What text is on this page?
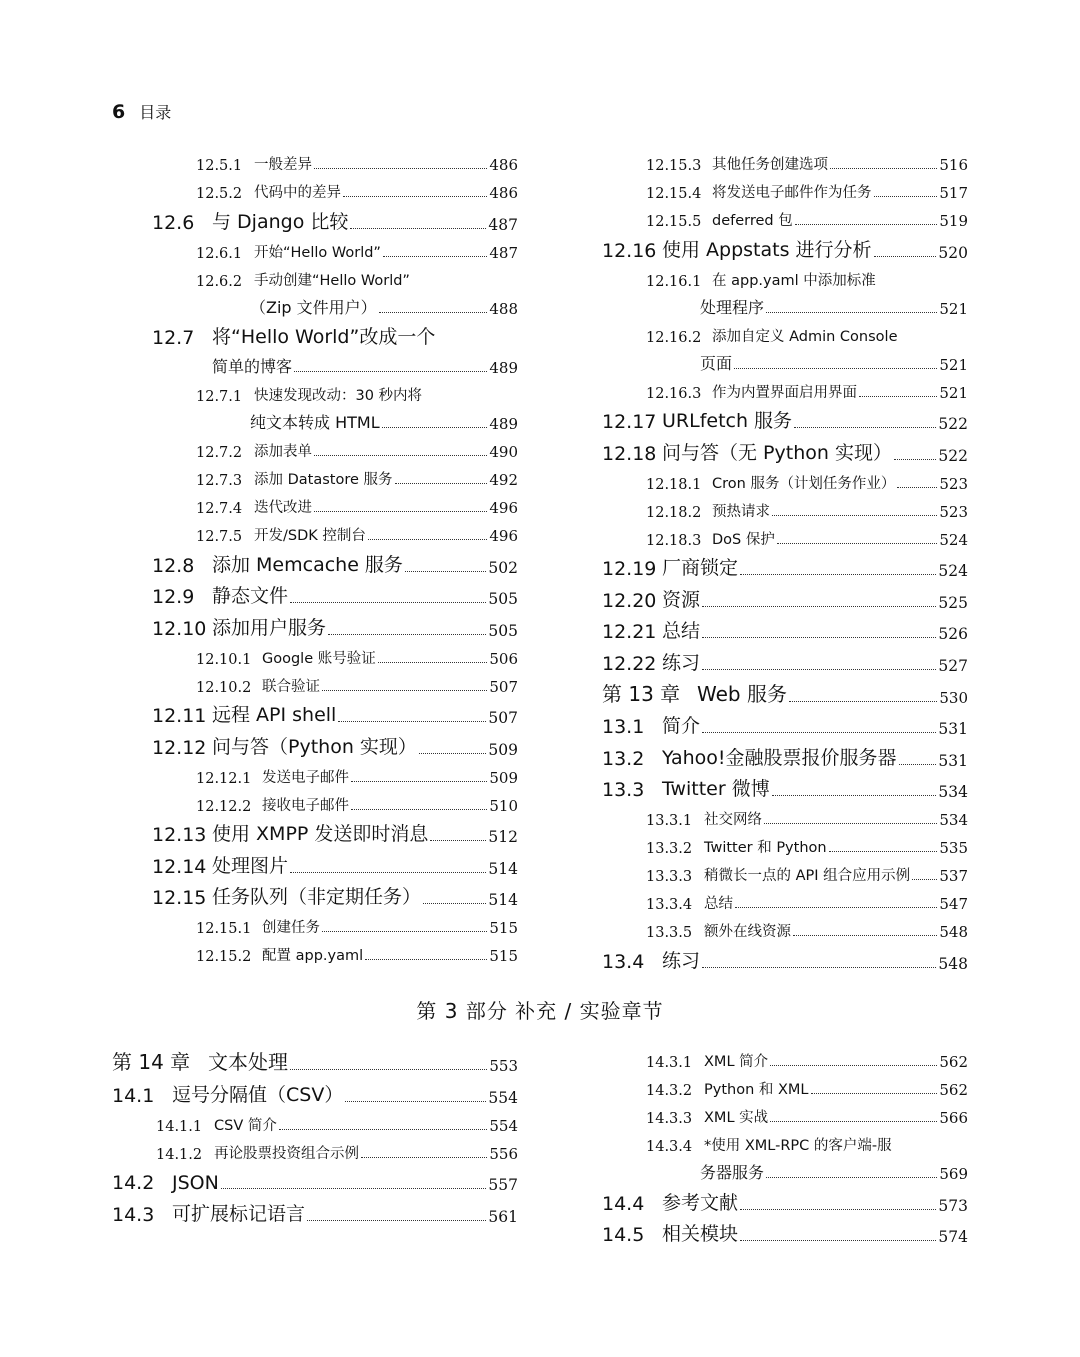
6 目录
12.5.1 一般差异	486
12.5.2 代码中的差异	486
12.6 与 Django 比较	487
12.6.1 开始“Hello World”	487
12.6.2 手动创建“Hello World”
（Zip 文件用户）	488
12.7 将“Hello World”改成一个
简单的博客	489
12.7.1 快速发现改动：30 秒内将
纯文本转成 HTML	489
12.7.2 添加表单	490
12.7.3 添加 Datastore 服务	492
12.7.4 迭代改进	496
12.7.5 开发/SDK 控制台	496
12.8 添加 Memcache 服务	502
12.9 静态文件	505
12.10 添加用户服务	505
12.10.1 Google 账号验证	506
12.10.2 联合验证	507
12.11 远程 API shell	507
12.12 问与答（Python 实现）	509
12.12.1 发送电子邮件	509
12.12.2 接收电子邮件	510
12.13 使用 XMPP 发送即时消息	512
12.14 处理图片	514
12.15 任务队列（非定期任务）	514
12.15.1 创建任务	515
12.15.2 配置 app.yaml	515
12.15.3 其他任务创建选项	516
12.15.4 将发送电子邮件作为任务	517
12.15.5 deferred 包	519
12.16 使用 Appstats 进行分析	520
12.16.1 在 app.yaml 中添加标准
处理程序	521
12.16.2 添加自定义 Admin Console
页面	521
12.16.3 作为内置界面启用界面	521
12.17 URLfetch 服务	522
12.18 问与答（无 Python 实现）	522
12.18.1 Cron 服务（计划任务作业）	523
12.18.2 预热请求	523
12.18.3 DoS 保护	524
12.19 厂商锁定	524
12.20 资源	525
12.21 总结	526
12.22 练习	527
第 13 章 Web 服务	530
13.1 简介	531
13.2 Yahoo!金融股票报价服务器	531
13.3 Twitter 微博	534
13.3.1 社交网络	534
13.3.2 Twitter 和 Python	535
13.3.3 稍微长一点的 API 组合应用示例 537
13.3.4 总结	547
13.3.5 额外在线资源	548
13.4 练习	548
第 3 部分 补充 / 实验章节
第 14 章 文本处理	553
14.1 逗号分隔值（CSV）	554
14.1.1 CSV 简介	554
14.1.2 再论股票投资组合示例	556
14.2 JSON	557
14.3 可扩展标记语言	561
14.3.1 XML 简介	562
14.3.2 Python 和 XML	562
14.3.3 XML 实战	566
14.3.4 *使用 XML-RPC 的客户端-服
务器服务	569
14.4 参考文献	573
14.5 相关模块	574
